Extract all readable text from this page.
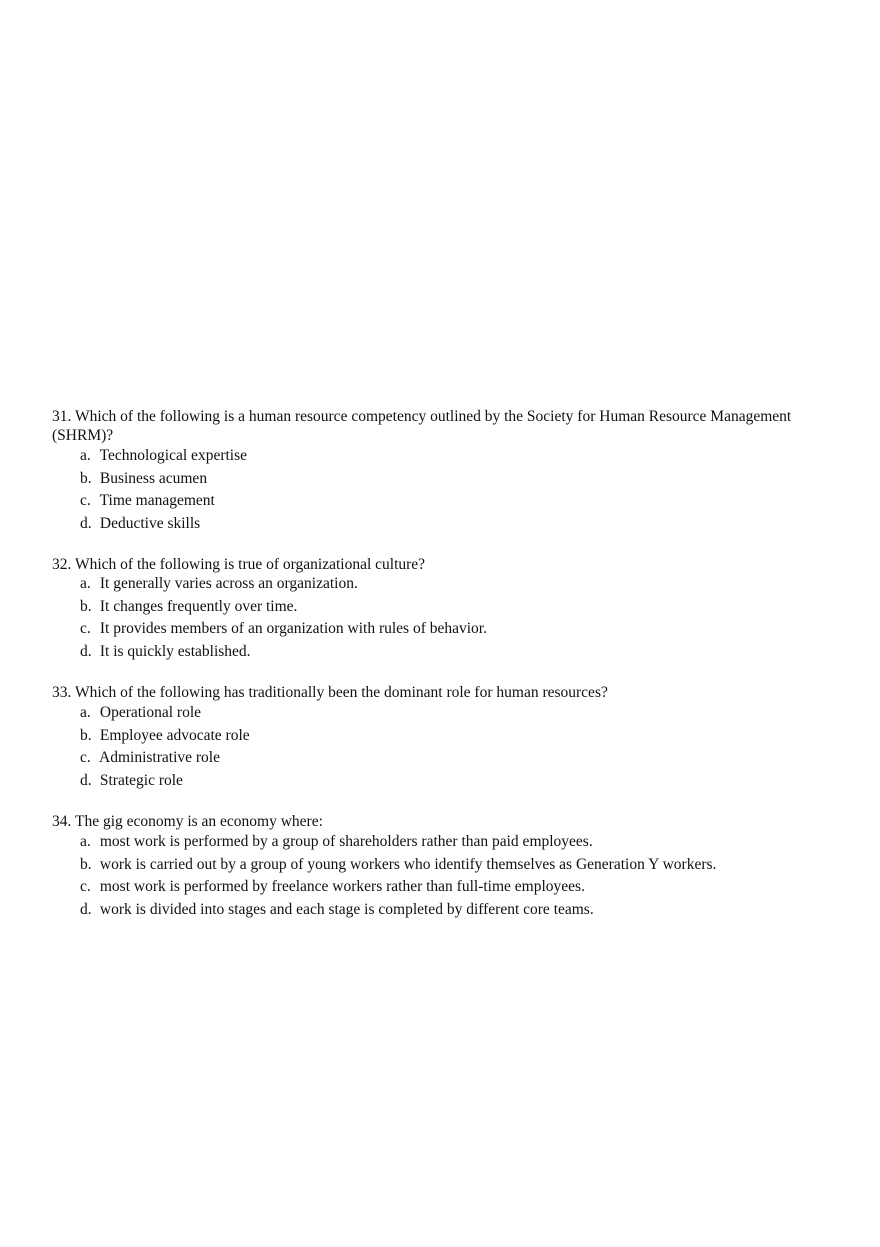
31. Which of the following is a human resource competency outlined by the Society for Human Resource Management (SHRM)?

a. Technological expertise
b. Business acumen
c. Time management
d. Deductive skills

32. Which of the following is true of organizational culture?

a. It generally varies across an organization.
b. It changes frequently over time.
c. It provides members of an organization with rules of behavior.
d. It is quickly established.

33. Which of the following has traditionally been the dominant role for human resources?

a. Operational role
b. Employee advocate role
c. Administrative role
d. Strategic role

34. The gig economy is an economy where:

a. most work is performed by a group of shareholders rather than paid employees.
b. work is carried out by a group of young workers who identify themselves as Generation Y workers.
c. most work is performed by freelance workers rather than full-time employees.
d. work is divided into stages and each stage is completed by different core teams.
